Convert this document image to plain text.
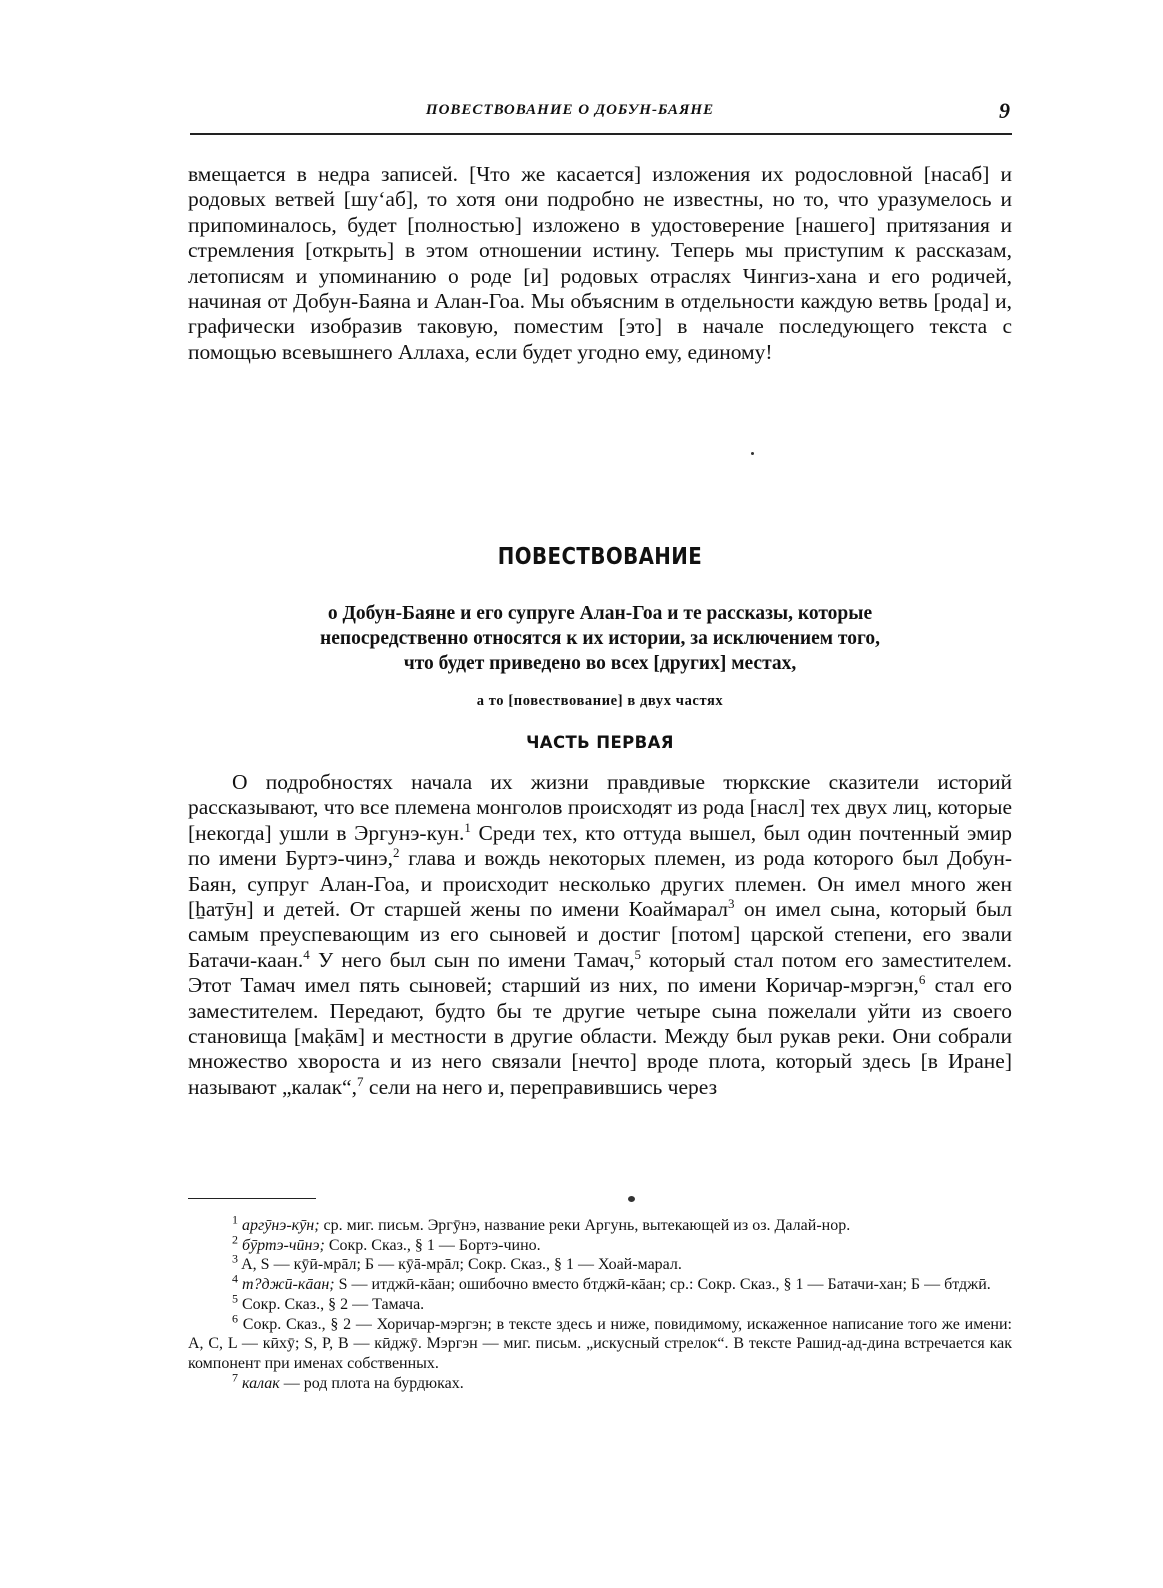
ПОВЕСТВОВАНИЕ О ДОБУН-БАЯНЕ	9

вмещается в недра записей. [Что же касается] изложения их родословной [насаб] и родовых ветвей [шу‘аб], то хотя они подробно не известны, но то, что уразумелось и припоминалось, будет [полностью] изложено в удостоверение [нашего] притязания и стремления [открыть] в этом отношении истину. Теперь мы приступим к рассказам, летописям и упоминанию о роде [и] родовых отраслях Чингиз-хана и его родичей, начиная от Добун-Баяна и Алан-Гоа. Мы объясним в отдельности каждую ветвь [рода] и, графически изобразив таковую, поместим [это] в начале последующего текста с помощью всевышнего Аллаха, если будет угодно ему, единому!

ПОВЕСТВОВАНИЕ

о Добун-Баяне и его супруге Алан-Гоа и те рассказы, которые
непосредственно относятся к их истории, за исключением того,
что будет приведено во всех [других] местах,

а то [повествование] в двух частях
ЧАСТЬ ПЕРВАЯ

О подробностях начала их жизни правдивые тюркские сказители историй рассказывают, что все племена монголов происходят из рода [насл] тех двух лиц, которые [некогда] ушли в Эргунэ-кун.$^1$ Среди тех, кто оттуда вышел, был один почтенный эмир по имени Буртэ-чинэ,$^2$ глава и вождь некоторых племен, из рода которого был Добун-Баян, супруг Алан-Гоа, и происходит несколько других племен. Он имел много жен [ẖатӯн] и детей. От старшей жены по имени Коаймарал$^3$ он имел сына, который был самым преуспевающим из его сыновей и достиг [потом] царской степени, его звали Батачи-каан.$^4$ У него был сын по имени Тамач,$^5$ который стал потом его заместителем. Этот Тамач имел пять сыновей; старший из них, по имени Коричар-мэргэн,$^6$ стал его заместителем. Передают, будто бы те другие четыре сына пожелали уйти из своего становища [маḳāм] и местности в другие области. Между был рукав реки. Они собрали множество хвороста и из него связали [нечто] вроде плота, который здесь [в Иране] называют „калак“,$^7$ сели на него и, переправившись через

$^1$ аргӯнэ-кӯн; ср. миг. письм. Эргӯнэ, название реки Аргунь, вытекающей из оз. Далай-нор.

$^2$ бӯртэ-чӣнэ; Сокр. Сказ., § 1 — Бортэ-чино.

$^3$ A, S — кӯӣ-мрāл; Б — кӯā-мрāл; Сокр. Сказ., § 1 — Хоай-марал.

$^4$ т?джӣ-кāан; S — итджӣ-кāан; ошибочно вместо бтджӣ-кāан; ср.: Сокр. Сказ., § 1 — Батачи-хан; Б — бтджӣ.

$^5$ Сокр. Сказ., § 2 — Тамача.

$^6$ Сокр. Сказ., § 2 — Хоричар-мэргэн; в тексте здесь и ниже, повидимому, искаженное написание того же имени: A, C, L — кӣхӯ; S, P, B — кӣджӯ. Мэргэн — миг. письм. „искусный стрелок“. В тексте Рашид-ад-дина встречается как компонент при именах собственных.

$^7$ калак — род плота на бурдюках.
